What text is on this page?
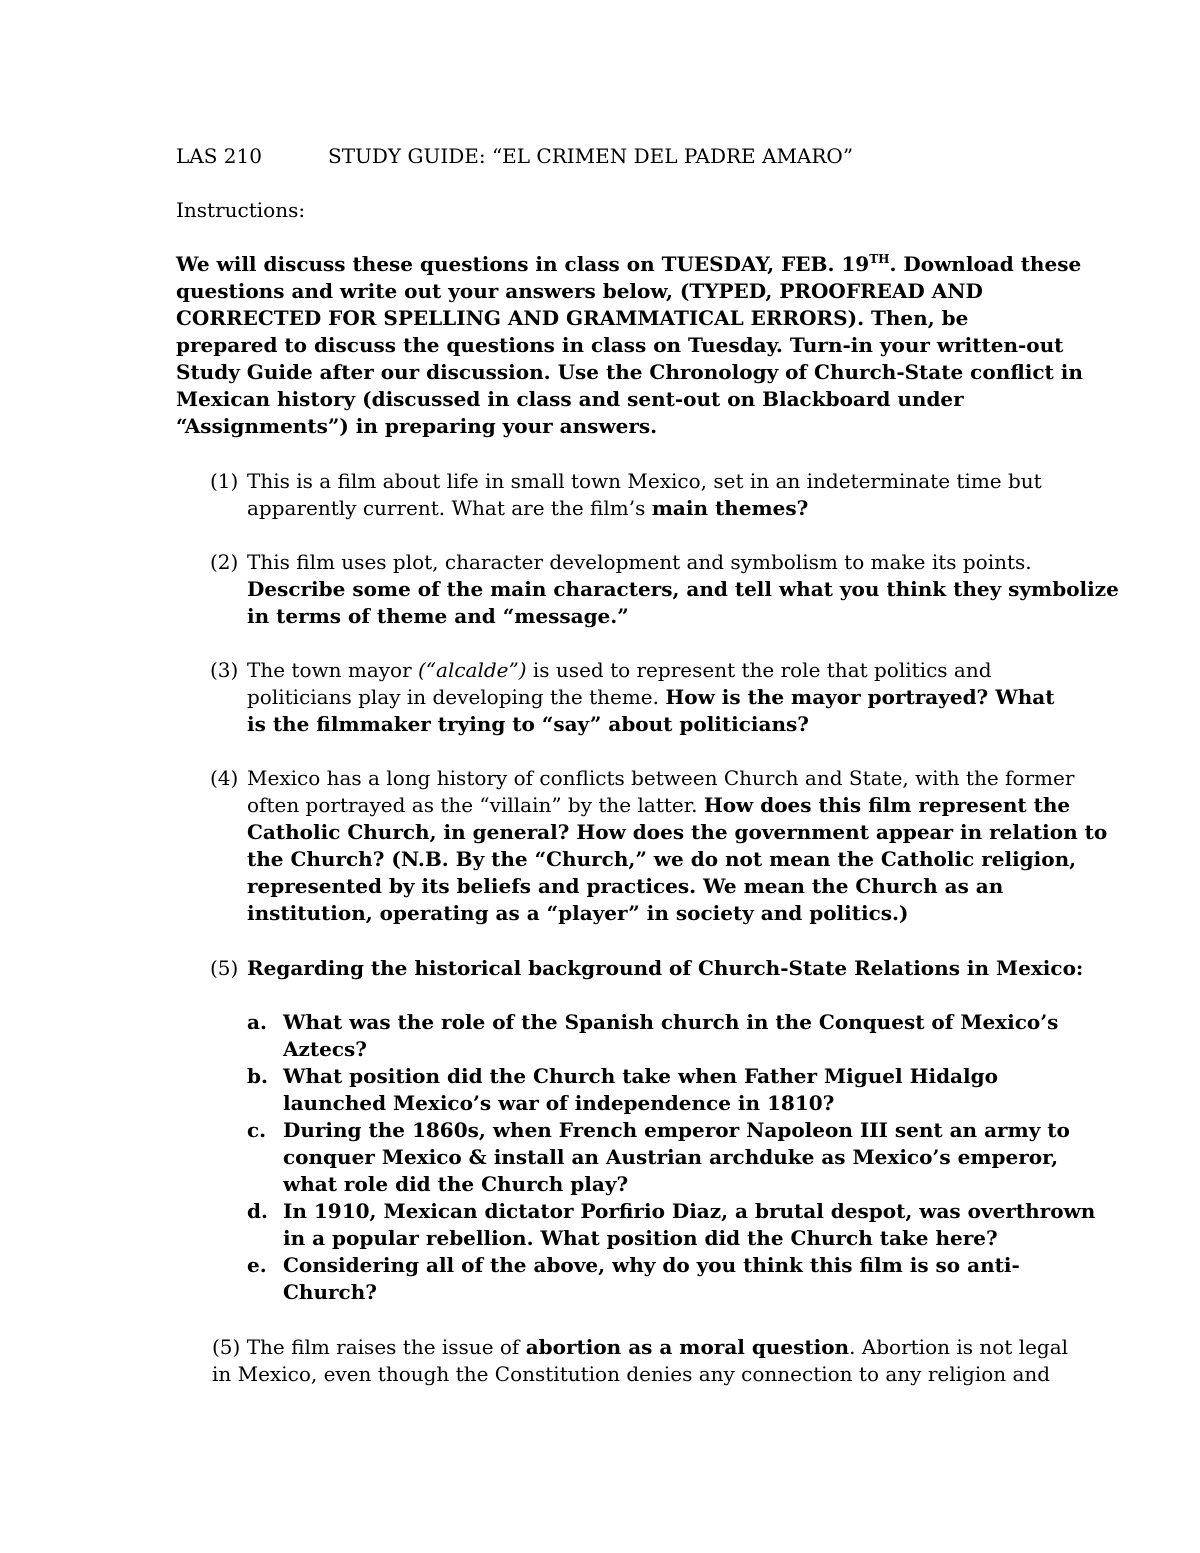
LAS 210	STUDY GUIDE: “EL CRIMEN DEL PADRE AMARO”
Instructions:

We will discuss these questions in class on TUESDAY, FEB. 19TH. Download these

questions and write out your answers below, (TYPED, PROOFREAD AND

CORRECTED FOR SPELLING AND GRAMMATICAL ERRORS). Then, be

prepared to discuss the questions in class on Tuesday. Turn-in your written-out

Study Guide after our discussion. Use the Chronology of Church-State conflict in

Mexican history (discussed in class and sent-out on Blackboard under

“Assignments”) in preparing your answers.

(1) This is a film about life in small town Mexico, set in an indeterminate time but

apparently current. What are the film’s main themes?

(2) This film uses plot, character development and symbolism to make its points.

Describe some of the main characters, and tell what you think they symbolize

in terms of theme and “message.”

(3) The town mayor (“alcalde”) is used to represent the role that politics and

politicians play in developing the theme. How is the mayor portrayed? What

is the filmmaker trying to “say” about politicians?

(4) Mexico has a long history of conflicts between Church and State, with the former

often portrayed as the “villain” by the latter. How does this film represent the

Catholic Church, in general? How does the government appear in relation to

the Church? (N.B. By the “Church,” we do not mean the Catholic religion,

represented by its beliefs and practices. We mean the Church as an

institution, operating as a “player” in society and politics.)

(5) Regarding the historical background of Church-State Relations in Mexico:

a. What was the role of the Spanish church in the Conquest of Mexico’s

Aztecs?

b. What position did the Church take when Father Miguel Hidalgo

launched Mexico’s war of independence in 1810?

c. During the 1860s, when French emperor Napoleon III sent an army to

conquer Mexico & install an Austrian archduke as Mexico’s emperor,

what role did the Church play?

d. In 1910, Mexican dictator Porfirio Diaz, a brutal despot, was overthrown

in a popular rebellion. What position did the Church take here?

e. Considering all of the above, why do you think this film is so anti-

Church?

(5) The film raises the issue of abortion as a moral question. Abortion is not legal

in Mexico, even though the Constitution denies any connection to any religion and
